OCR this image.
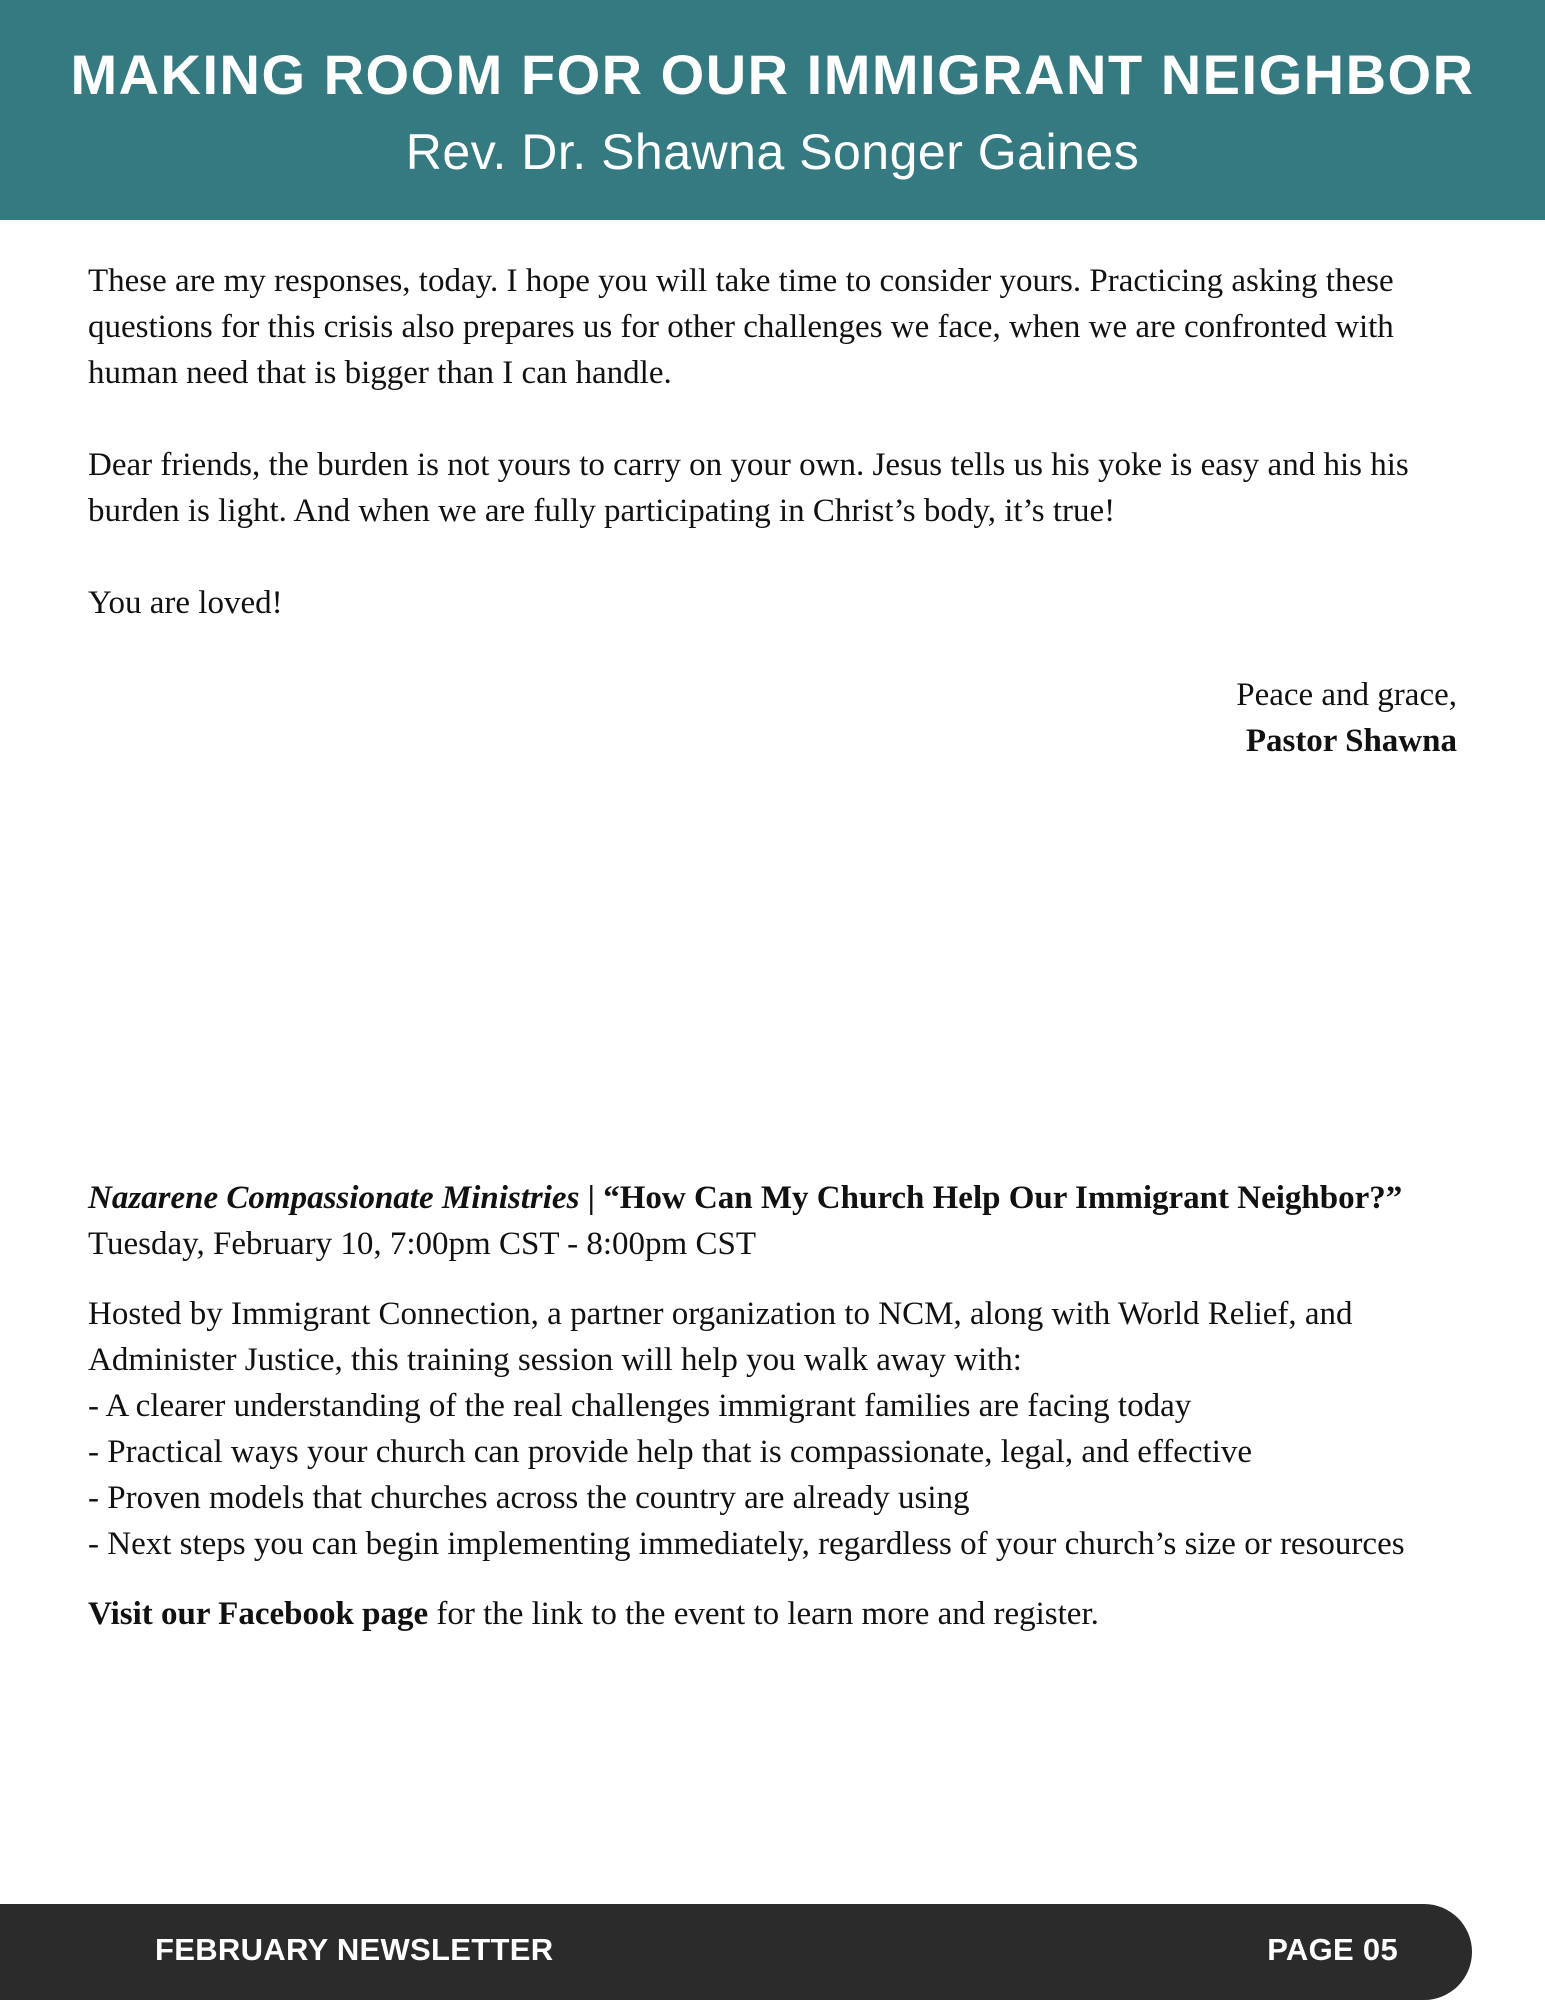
MAKING ROOM FOR OUR IMMIGRANT NEIGHBOR
Rev. Dr. Shawna Songer Gaines

These are my responses, today. I hope you will take time to consider yours. Practicing asking these questions for this crisis also prepares us for other challenges we face, when we are confronted with human need that is bigger than I can handle.

Dear friends, the burden is not yours to carry on your own. Jesus tells us his yoke is easy and his his burden is light. And when we are fully participating in Christ’s body, it’s true!

You are loved!

Peace and grace,
Pastor Shawna

Nazarene Compassionate Ministries | “How Can My Church Help Our Immigrant Neighbor?”

Tuesday, February 10, 7:00pm CST - 8:00pm CST

Hosted by Immigrant Connection, a partner organization to NCM, along with World Relief, and Administer Justice, this training session will help you walk away with:

- A clearer understanding of the real challenges immigrant families are facing today
- Practical ways your church can provide help that is compassionate, legal, and effective
- Proven models that churches across the country are already using
- Next steps you can begin implementing immediately, regardless of your church’s size or resources

Visit our Facebook page for the link to the event to learn more and register.

FEBRUARY NEWSLETTER	PAGE 05
